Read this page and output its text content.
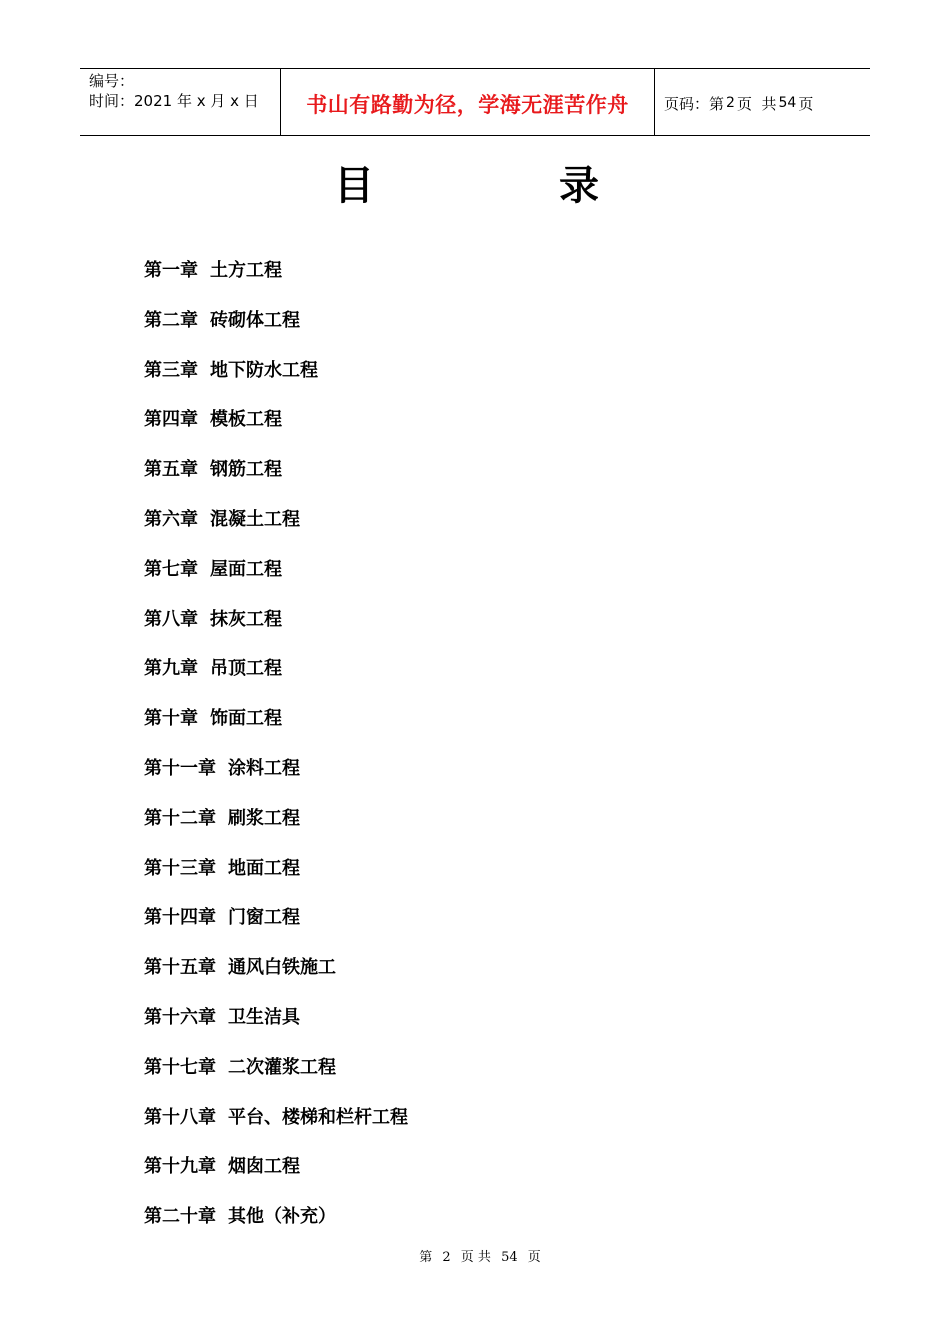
编号：
时间：2021 年 x 月 x 日	书山有路勤为径，学海无涯苦作舟 页码：第 2 页  共 54 页
目	录
第一章 土方工程
第二章 砖砌体工程
第三章 地下防水工程
第四章 模板工程
第五章 钢筋工程
第六章 混凝土工程
第七章 屋面工程
第八章 抹灰工程
第九章 吊顶工程
第十章 饰面工程
第十一章 涂料工程
第十二章 刷浆工程
第十三章 地面工程
第十四章 门窗工程
第十五章 通风白铁施工
第十六章 卫生洁具
第十七章 二次灌浆工程
第十八章 平台、楼梯和栏杆工程
第十九章 烟囱工程
第二十章 其他（补充）
第 2 页 共 54 页
